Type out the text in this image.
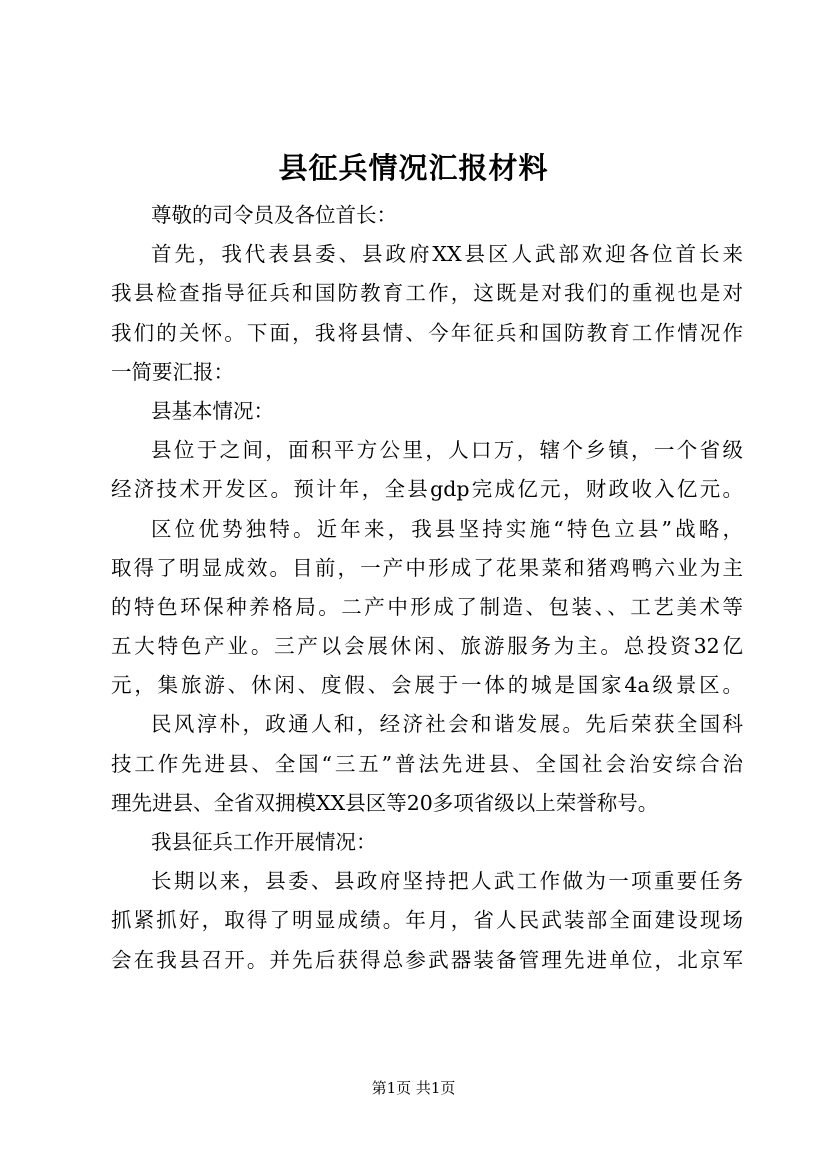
县征兵情况汇报材料
尊敬的司令员及各位首长：
首先，我代表县委、县政府XX县区人武部欢迎各位首长来
我县检查指导征兵和国防教育工作，这既是对我们的重视也是对
我们的关怀。下面，我将县情、今年征兵和国防教育工作情况作
一简要汇报：
县基本情况：
县位于之间，面积平方公里，人口万，辖个乡镇，一个省级
经济技术开发区。预计年，全县gdp完成亿元，财政收入亿元。
区位优势独特。近年来，我县坚持实施“特色立县”战略，
取得了明显成效。目前，一产中形成了花果菜和猪鸡鸭六业为主
的特色环保种养格局。二产中形成了制造、包装、、工艺美术等
五大特色产业。三产以会展休闲、旅游服务为主。总投资32亿
元，集旅游、休闲、度假、会展于一体的城是国家4a级景区。
民风淳朴，政通人和，经济社会和谐发展。先后荣获全国科
技工作先进县、全国“三五”普法先进县、全国社会治安综合治
理先进县、全省双拥模XX县区等20多项省级以上荣誉称号。
我县征兵工作开展情况：
长期以来，县委、县政府坚持把人武工作做为一项重要任务
抓紧抓好，取得了明显成绩。年月，省人民武装部全面建设现场
会在我县召开。并先后获得总参武器装备管理先进单位，北京军
第1页 共1页
